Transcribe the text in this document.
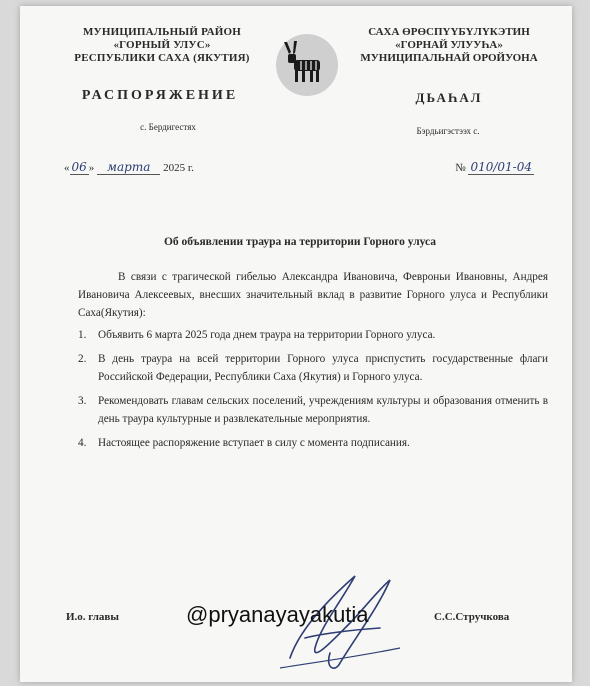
МУНИЦИПАЛЬНЫЙ РАЙОН
«ГОРНЫЙ УЛУС»
РЕСПУБЛИКИ САХА (ЯКУТИЯ)
САХА ӨРӨСПҮҮБҮЛҮКЭТИН
«ГОРНАЙ УЛУУҺА»
МУНИЦИПАЛЬНАЙ ОРОЙУОНА
РАСПОРЯЖЕНИЕ	ДЬАҺАЛ
с. Бердигестях	Бэрдьигэстээх с.
« 06 » марта 2025 г.	№ 010/01-04
Об объявлении траура на территории Горного улуса

В связи с трагической гибелью Александра Ивановича, Февроньи Ивановны, Андрея Ивановича Алексеевых, внесших значительный вклад в развитие Горного улуса и Республики Саха(Якутия):

1. Объявить 6 марта 2025 года днем траура на территории Горного улуса.
2. В день траура на всей территории Горного улуса приспустить государственные флаги Российской Федерации, Республики Саха (Якутия) и Горного улуса.
3. Рекомендовать главам сельских поселений, учреждениям культуры и образования отменить в день траура культурные и развлекательные мероприятия.
4. Настоящее распоряжение вступает в силу с момента подписания.
И.о. главы	@pryanayayakutia	С.С.Стручкова
